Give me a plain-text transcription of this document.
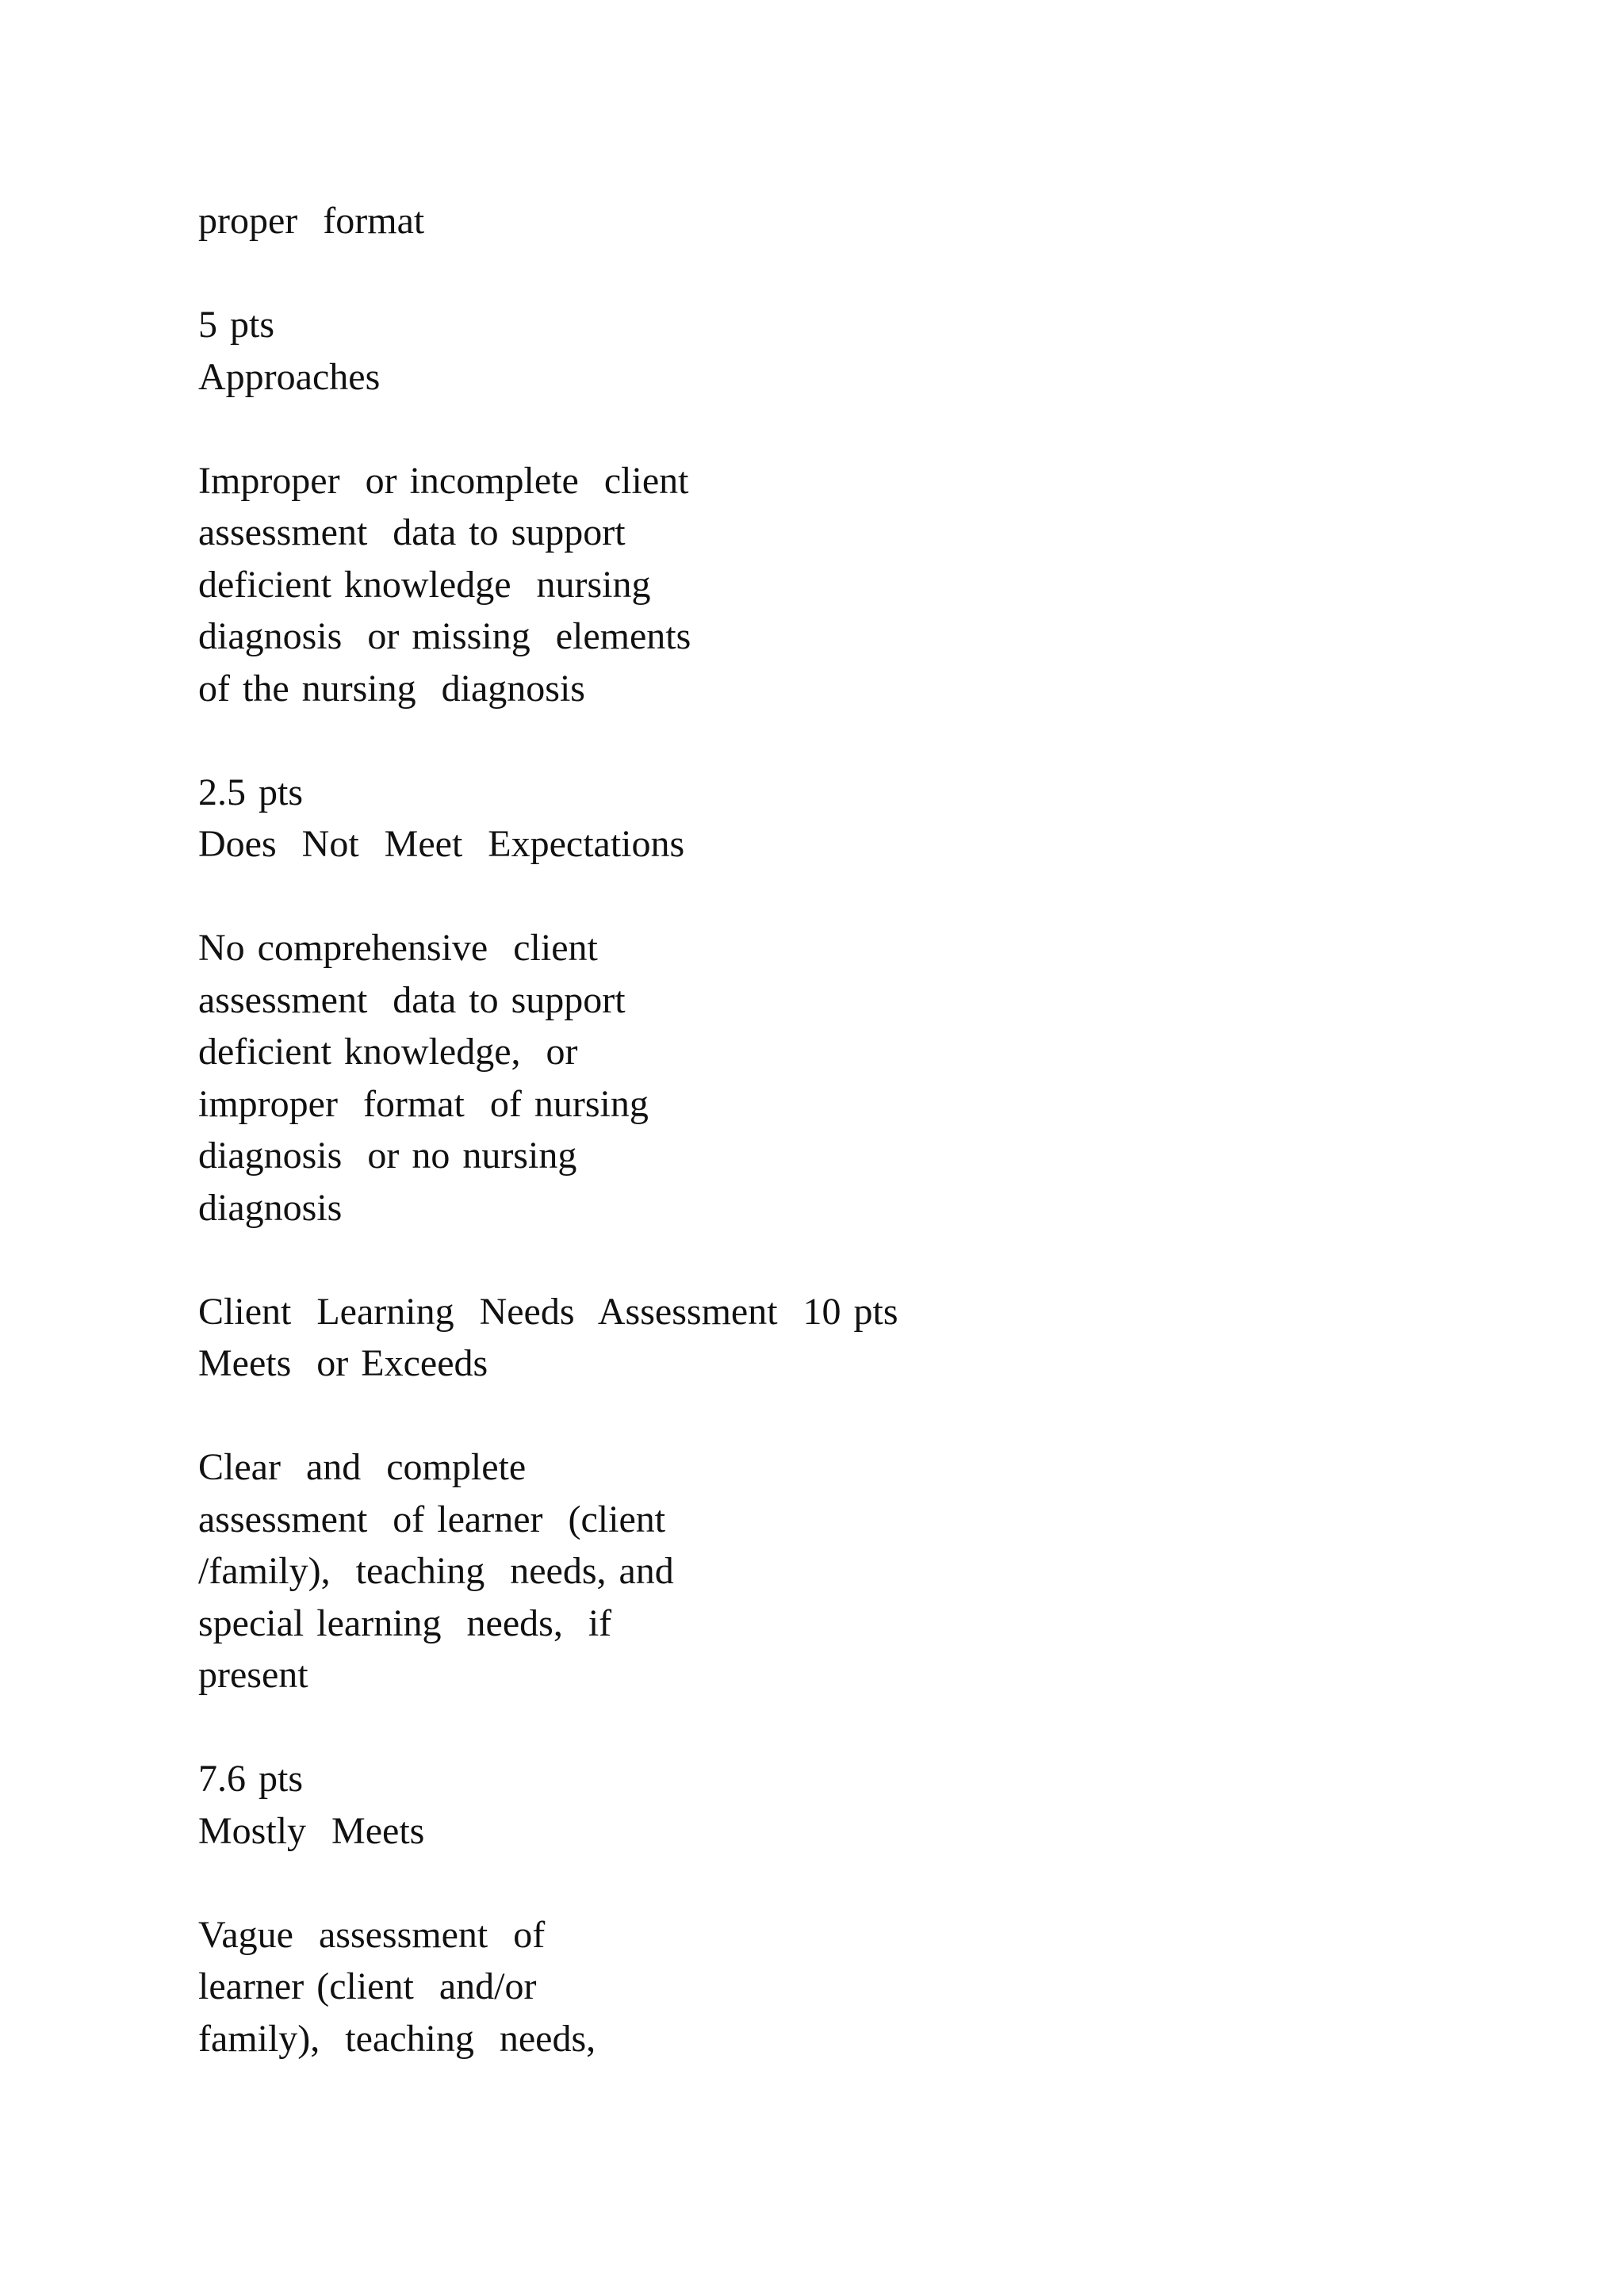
proper  format
5 pts
Approaches
Improper  or incomplete  client
assessment  data to support
deficient knowledge  nursing
diagnosis  or missing  elements
of the nursing  diagnosis
2.5 pts
Does  Not  Meet  Expectations
No comprehensive  client
assessment  data to support
deficient knowledge,  or
improper  format  of nursing
diagnosis  or no nursing
diagnosis
Client  Learning  Needs  Assessment  10 pts
Meets  or Exceeds
Clear  and  complete
assessment  of learner  (client
/family),  teaching  needs, and
special learning  needs,  if
present
7.6 pts
Mostly  Meets
Vague  assessment  of
learner (client  and/or
family),  teaching  needs,
